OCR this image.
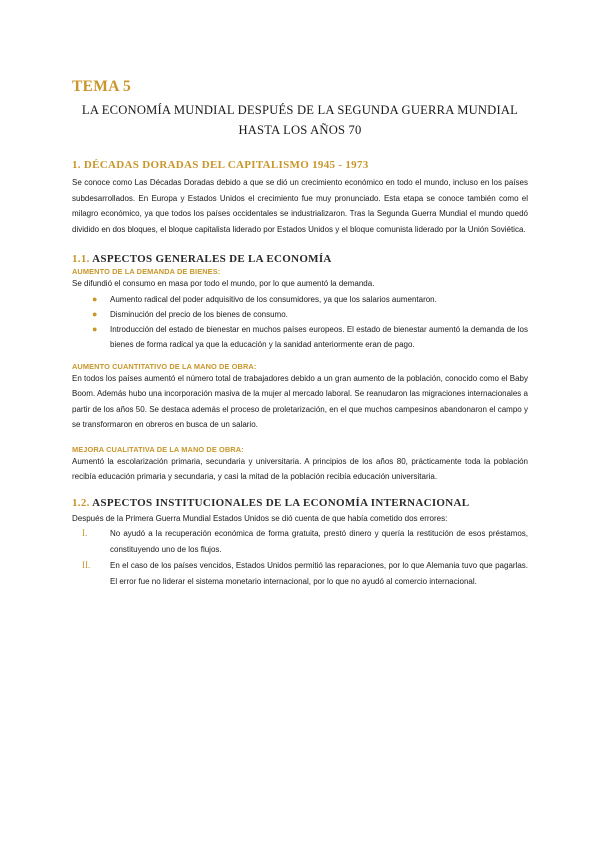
TEMA 5
LA ECONOMÍA MUNDIAL DESPUÉS DE LA SEGUNDA GUERRA MUNDIAL
HASTA LOS AÑOS 70
1. DÉCADAS DORADAS DEL CAPITALISMO 1945 - 1973

Se conoce como Las Décadas Doradas debido a que se dió un crecimiento económico en todo el mundo, incluso en los países subdesarrollados. En Europa y Estados Unidos el crecimiento fue muy pronunciado. Esta etapa se conoce también como el milagro económico, ya que todos los países occidentales se industrializaron. Tras la Segunda Guerra Mundial el mundo quedó dividido en dos bloques, el bloque capitalista liderado por Estados Unidos y el bloque comunista liderado por la Unión Soviética.

1.1. ASPECTOS GENERALES DE LA ECONOMÍA
AUMENTO DE LA DEMANDA DE BIENES:

Se difundió el consumo en masa por todo el mundo, por lo que aumentó la demanda.

● Aumento radical del poder adquisitivo de los consumidores, ya que los salarios aumentaron.
● Disminución del precio de los bienes de consumo.
● Introducción del estado de bienestar en muchos países europeos. El estado de bienestar aumentó la demanda de los bienes de forma radical ya que la educación y la sanidad anteriormente eran de pago.
AUMENTO CUANTITATIVO DE LA MANO DE OBRA:

En todos los países aumentó el número total de trabajadores debido a un gran aumento de la población, conocido como el Baby Boom. Además hubo una incorporación masiva de la mujer al mercado laboral. Se reanudaron las migraciones internacionales a partir de los años 50. Se destaca además el proceso de proletarización, en el que muchos campesinos abandonaron el campo y se transformaron en obreros en busca de un salario.

MEJORA CUALITATIVA DE LA MANO DE OBRA:

Aumentó la escolarización primaria, secundaria y universitaria. A principios de los años 80, prácticamente toda la población recibía educación primaria y secundaria, y casi la mitad de la población recibía educación universitaria.

1.2. ASPECTOS INSTITUCIONALES DE LA ECONOMÍA INTERNACIONAL

Después de la Primera Guerra Mundial Estados Unidos se dió cuenta de que había cometido dos errores:

I.	No ayudó a la recuperación económica de forma gratuita, prestó dinero y quería la restitución de esos préstamos, constituyendo uno de los flujos.
II. En el caso de los países vencidos, Estados Unidos permitió las reparaciones, por lo que Alemania tuvo que pagarlas. El error fue no liderar el sistema monetario internacional, por lo que no ayudó al comercio internacional.
